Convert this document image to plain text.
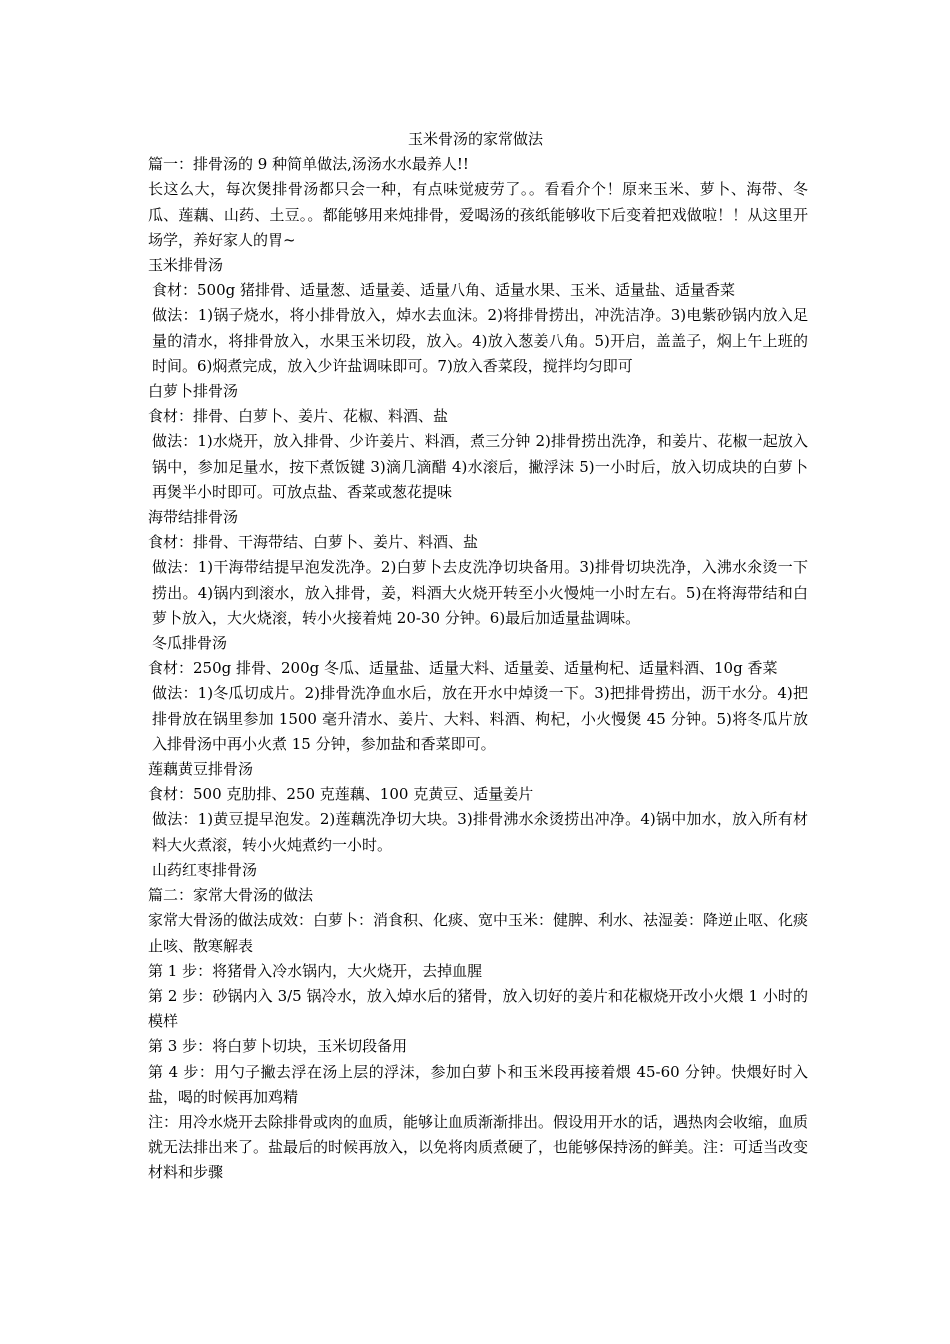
玉米骨汤的家常做法

篇一：排骨汤的 9 种简单做法,汤汤水水最养人!!

长这么大，每次煲排骨汤都只会一种，有点味觉疲劳了。。看看介个！原来玉米、萝卜、海带、冬瓜、莲藕、山药、土豆。。都能够用来炖排骨，爱喝汤的孩纸能够收下后变着把戏做啦！！从这里开场学，养好家人的胃~

玉米排骨汤

食材：500g 猪排骨、适量葱、适量姜、适量八角、适量水果、玉米、适量盐、适量香菜

做法：1)锅子烧水，将小排骨放入，焯水去血沫。2)将排骨捞出，冲洗洁净。3)电紫砂锅内放入足量的清水，将排骨放入，水果玉米切段，放入。4)放入葱姜八角。5)开启，盖盖子，焖上午上班的时间。6)焖煮完成，放入少许盐调味即可。7)放入香菜段，搅拌均匀即可

白萝卜排骨汤

食材：排骨、白萝卜、姜片、花椒、料酒、盐

做法：1)水烧开，放入排骨、少许姜片、料酒，煮三分钟 2)排骨捞出洗净，和姜片、花椒一起放入锅中，参加足量水，按下煮饭键 3)滴几滴醋 4)水滚后，撇浮沫 5)一小时后，放入切成块的白萝卜再煲半小时即可。可放点盐、香菜或葱花提味

海带结排骨汤

食材：排骨、干海带结、白萝卜、姜片、料酒、盐

做法：1)干海带结提早泡发洗净。2)白萝卜去皮洗净切块备用。3)排骨切块洗净，入沸水氽烫一下捞出。4)锅内到滚水，放入排骨，姜，料酒大火烧开转至小火慢炖一小时左右。5)在将海带结和白萝卜放入，大火烧滚，转小火接着炖 20-30 分钟。6)最后加适量盐调味。

冬瓜排骨汤

食材：250g 排骨、200g 冬瓜、适量盐、适量大料、适量姜、适量枸杞、适量料酒、10g 香菜

做法：1)冬瓜切成片。2)排骨洗净血水后，放在开水中焯烫一下。3)把排骨捞出，沥干水分。4)把排骨放在锅里参加 1500 毫升清水、姜片、大料、料酒、枸杞，小火慢煲 45 分钟。5)将冬瓜片放入排骨汤中再小火煮 15 分钟，参加盐和香菜即可。

莲藕黄豆排骨汤

食材：500 克肋排、250 克莲藕、100 克黄豆、适量姜片

做法：1)黄豆提早泡发。2)莲藕洗净切大块。3)排骨沸水氽烫捞出冲净。4)锅中加水，放入所有材料大火煮滚，转小火炖煮约一小时。

山药红枣排骨汤

篇二：家常大骨汤的做法

家常大骨汤的做法成效：白萝卜：消食积、化痰、宽中玉米：健脾、利水、祛湿姜：降逆止呕、化痰止咳、散寒解表

第 1 步：将猪骨入冷水锅内，大火烧开，去掉血腥

第 2 步：砂锅内入 3/5 锅冷水，放入焯水后的猪骨，放入切好的姜片和花椒烧开改小火煨 1 小时的模样

第 3 步：将白萝卜切块，玉米切段备用

第 4 步：用勺子撇去浮在汤上层的浮沫，参加白萝卜和玉米段再接着煨 45-60 分钟。快煨好时入盐，喝的时候再加鸡精

注：用冷水烧开去除排骨或肉的血质，能够让血质渐渐排出。假设用开水的话，遇热肉会收缩，血质就无法排出来了。盐最后的时候再放入，以免将肉质煮硬了，也能够保持汤的鲜美。注：可适当改变材料和步骤
